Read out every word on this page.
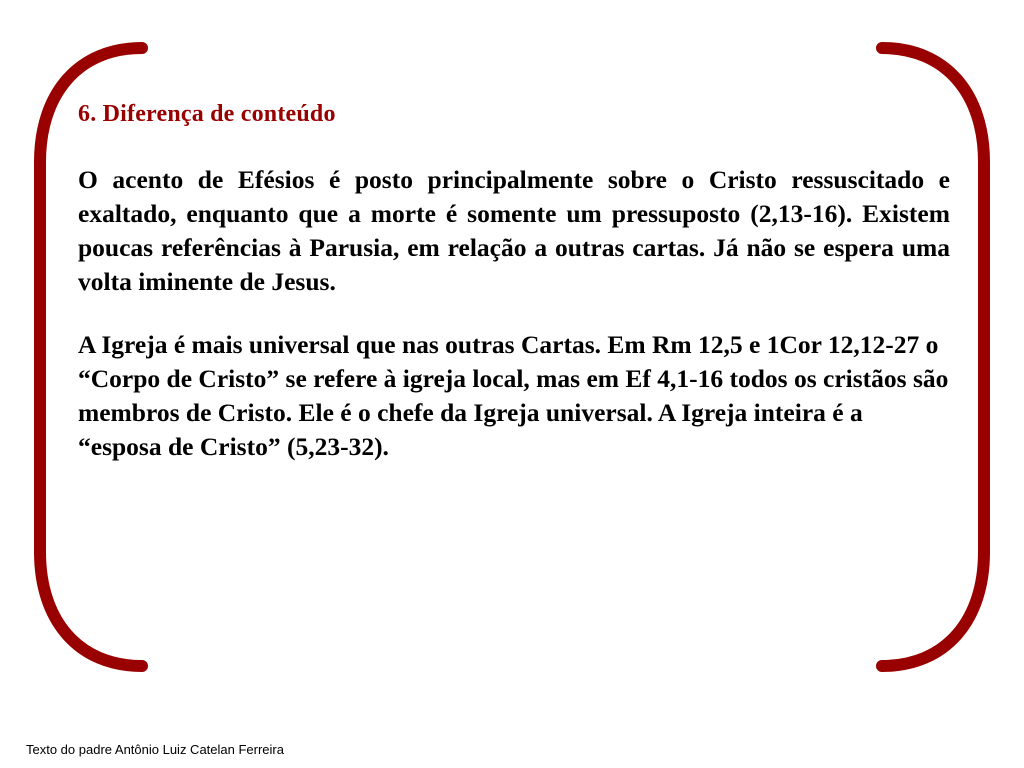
6. Diferença de conteúdo

O acento de Efésios é posto principalmente sobre o Cristo ressuscitado e exaltado, enquanto que a morte é somente um pressuposto (2,13-16). Existem poucas referências à Parusia, em relação a outras cartas. Já não se espera uma volta iminente de Jesus.

A Igreja é mais universal que nas outras Cartas. Em Rm 12,5 e 1Cor 12,12-27 o “Corpo de Cristo” se refere à igreja local, mas em Ef 4,1-16 todos os cristãos são membros de Cristo. Ele é o chefe da Igreja universal. A Igreja inteira é a “esposa de Cristo” (5,23-32).

Texto do padre Antônio Luiz Catelan Ferreira
